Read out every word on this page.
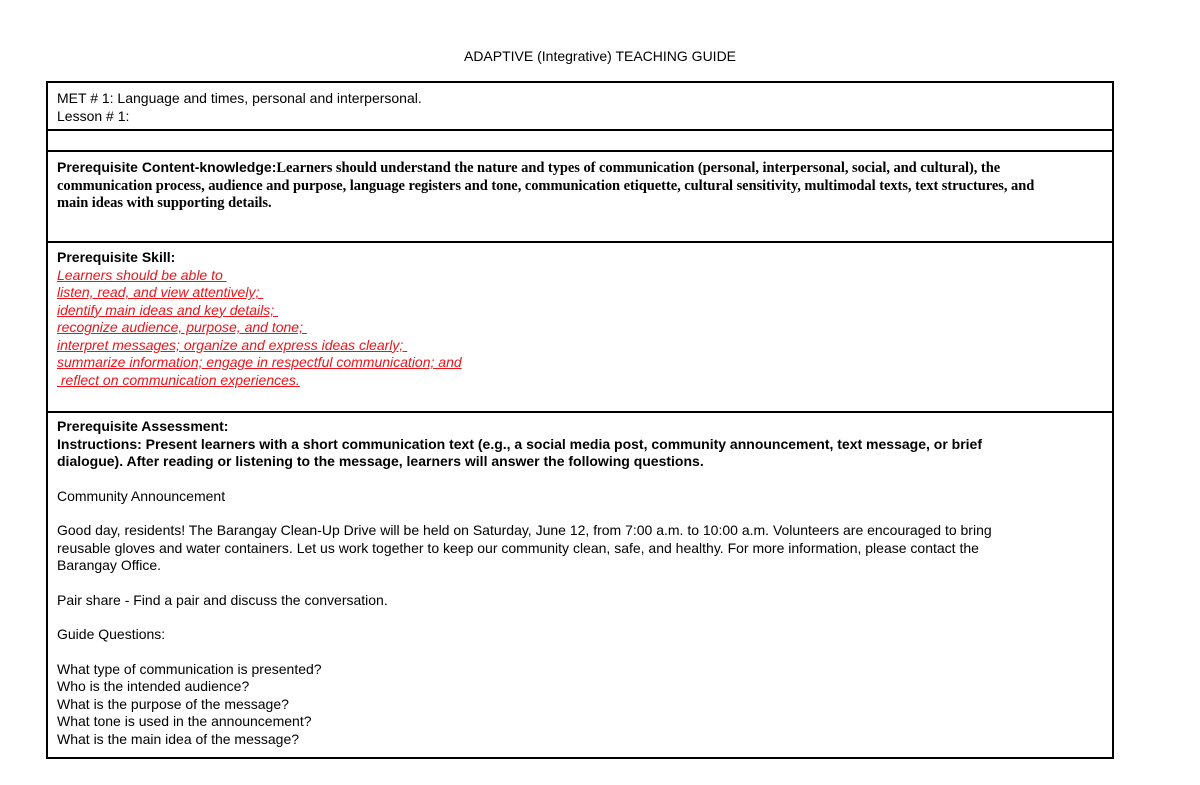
ADAPTIVE (Integrative) TEACHING GUIDE
MET # 1: Language and times, personal and interpersonal.
Lesson # 1:
Prerequisite Content-knowledge:Learners should understand the nature and types of communication (personal, interpersonal, social, and cultural), the
communication process, audience and purpose, language registers and tone, communication etiquette, cultural sensitivity, multimodal texts, text structures, and
main ideas with supporting details.
Prerequisite Skill:
Learners should be able to
listen, read, and view attentively;
identify main ideas and key details;
recognize audience, purpose, and tone;
interpret messages; organize and express ideas clearly;
summarize information; engage in respectful communication; and
reflect on communication experiences.
Prerequisite Assessment:
Instructions: Present learners with a short communication text (e.g., a social media post, community announcement, text message, or brief
dialogue). After reading or listening to the message, learners will answer the following questions.
Community Announcement
Good day, residents! The Barangay Clean-Up Drive will be held on Saturday, June 12, from 7:00 a.m. to 10:00 a.m. Volunteers are encouraged to bring
reusable gloves and water containers. Let us work together to keep our community clean, safe, and healthy. For more information, please contact the
Barangay Office.
Pair share - Find a pair and discuss the conversation.
Guide Questions:
What type of communication is presented?
Who is the intended audience?
What is the purpose of the message?
What tone is used in the announcement?
What is the main idea of the message?
